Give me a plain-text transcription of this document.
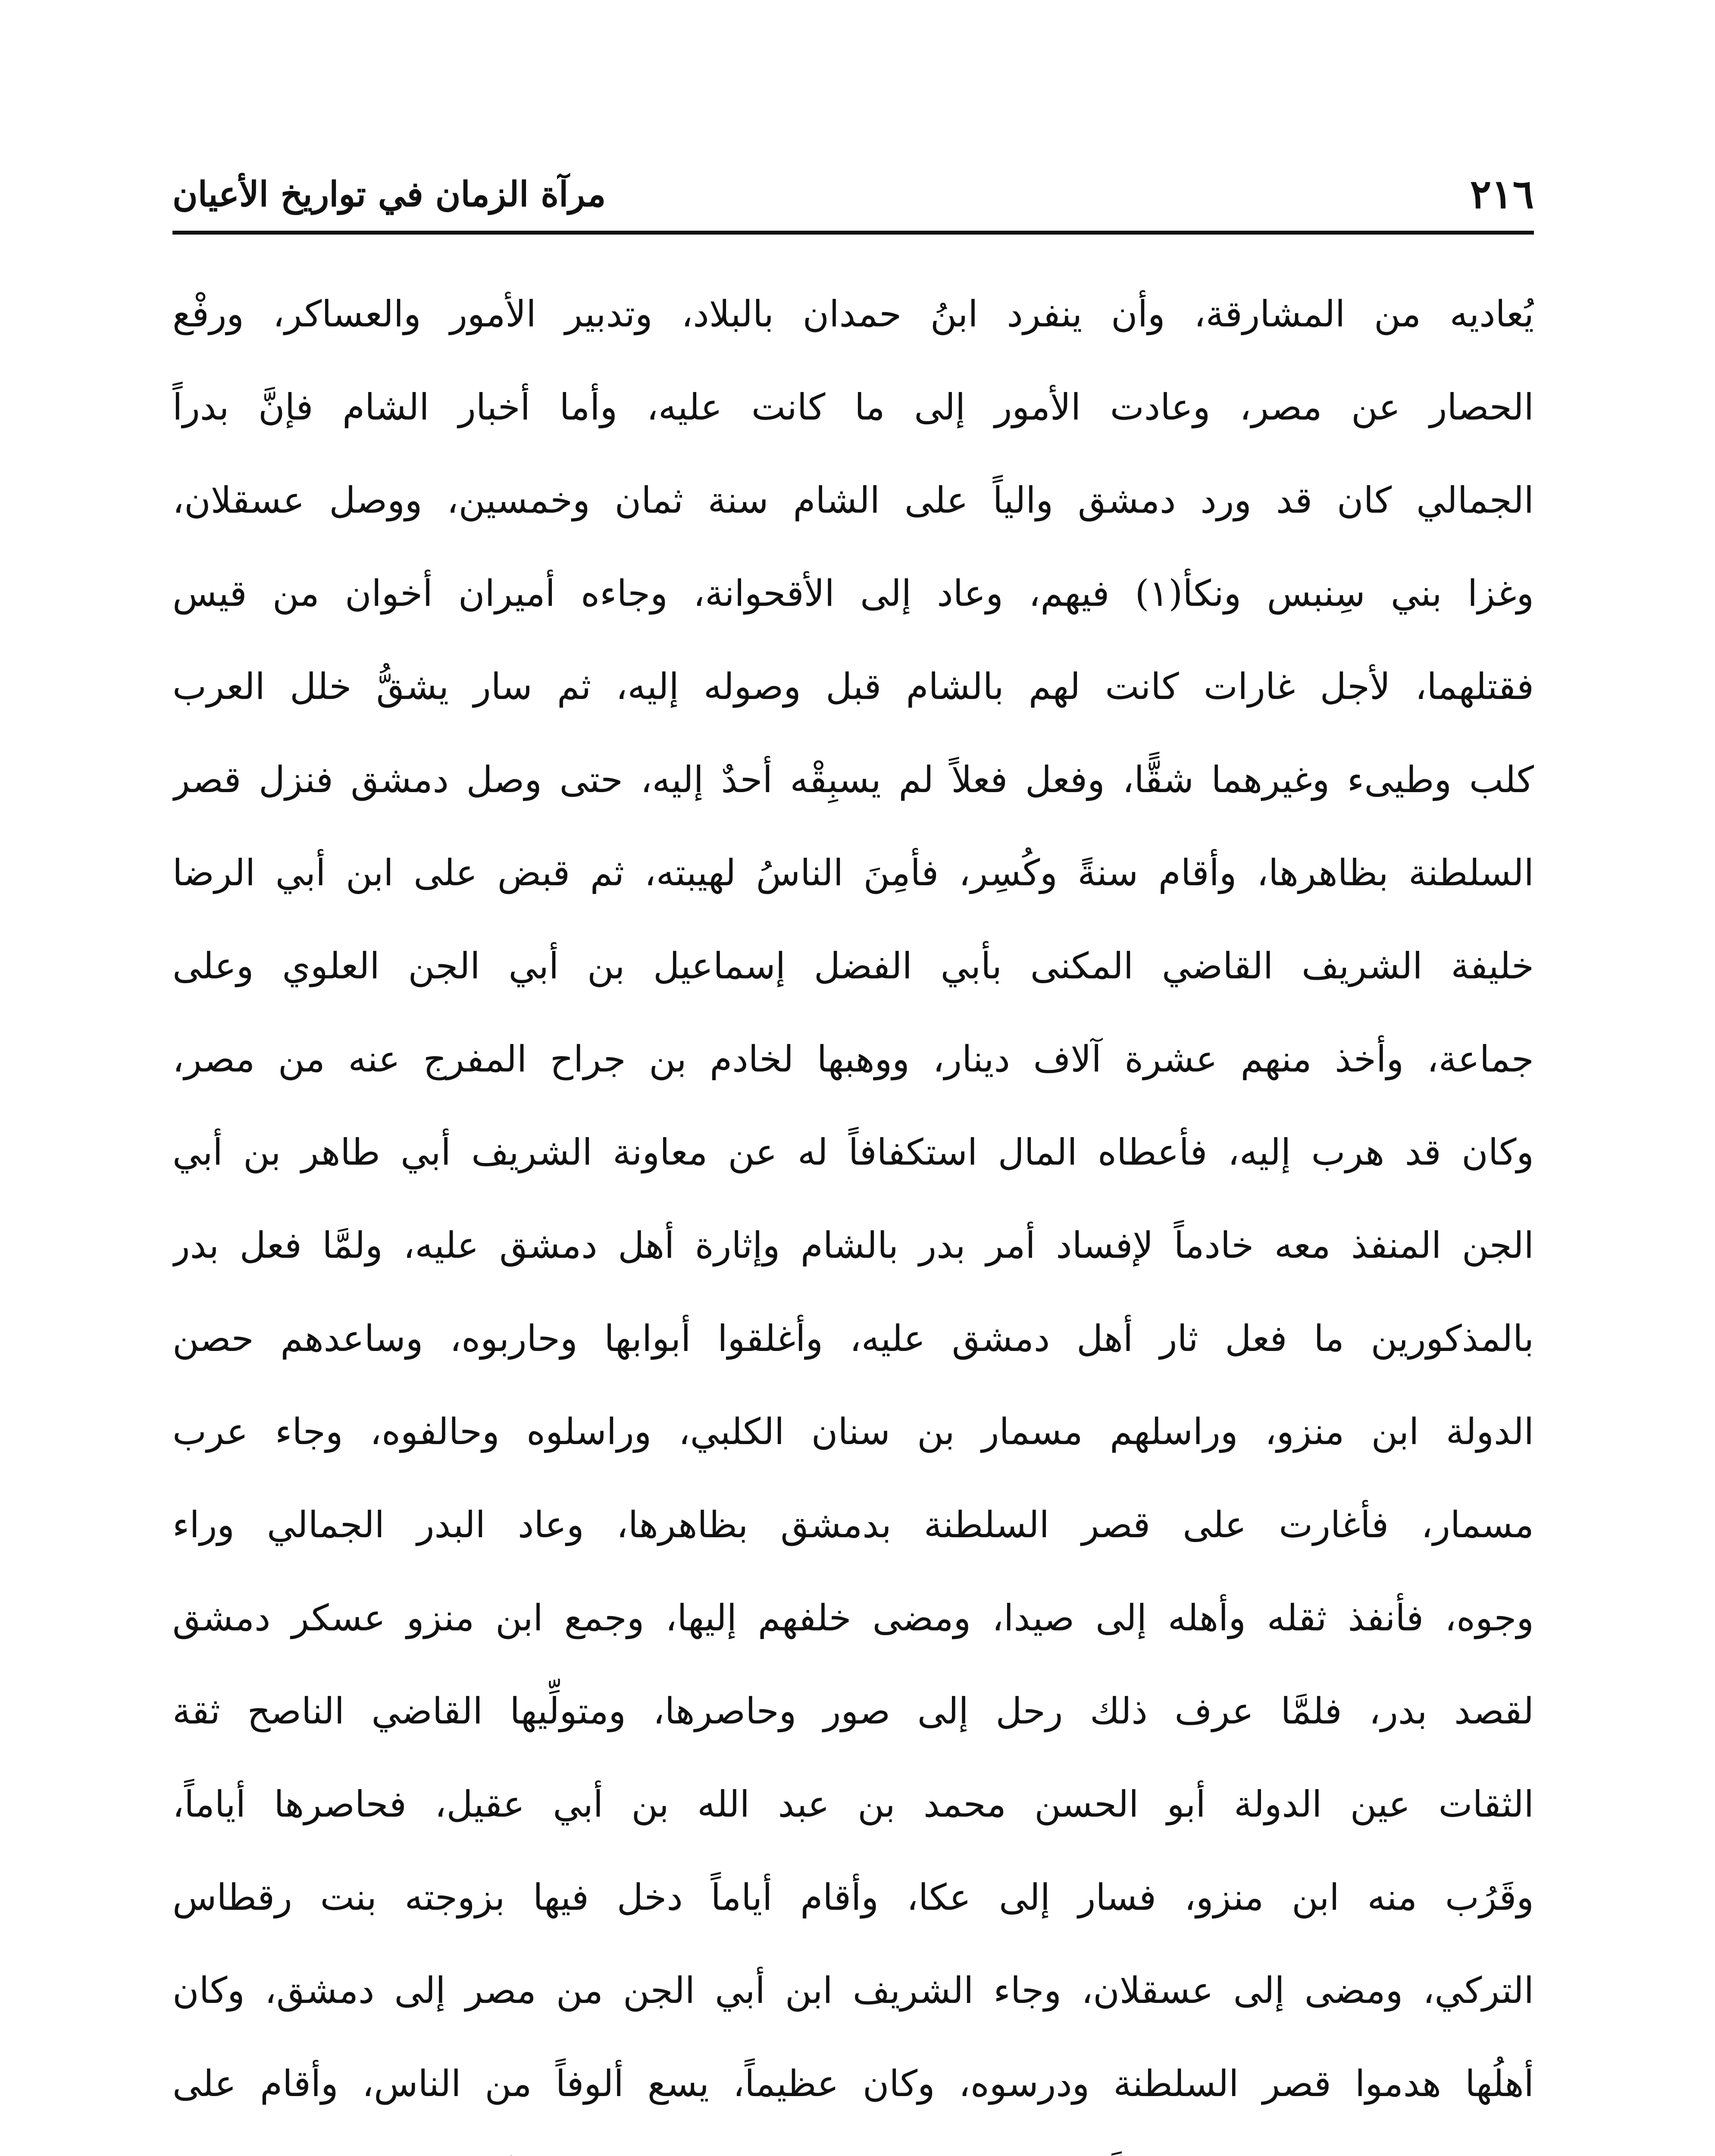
٢١٦
مرآة الزمان في تواريخ الأعيان
يُعاديه من المشارقة، وأن ينفرد ابنُ حمدان بالبلاد، وتدبير الأمور والعساكر، ورفْع
الحصار عن مصر، وعادت الأمور إلى ما كانت عليه، وأما أخبار الشام فإنَّ بدراً
الجمالي كان قد ورد دمشق والياً على الشام سنة ثمان وخمسين، ووصل عسقلان،
وغزا بني سِنبس ونكأ(١) فيهم، وعاد إلى الأقحوانة، وجاءه أميران أخوان من قيس
فقتلهما، لأجل غارات كانت لهم بالشام قبل وصوله إليه، ثم سار يشقُّ خلل العرب
كلب وطيىء وغيرهما شقًّا، وفعل فعلاً لم يسبِقْه أحدٌ إليه، حتى وصل دمشق فنزل قصر
السلطنة بظاهرها، وأقام سنةً وكُسِر، فأمِنَ الناسُ لهيبته، ثم قبض على ابن أبي الرضا
خليفة الشريف القاضي المكنى بأبي الفضل إسماعيل بن أبي الجن العلوي وعلى
جماعة، وأخذ منهم عشرة آلاف دينار، ووهبها لخادم بن جراح المفرج عنه من مصر،
وكان قد هرب إليه، فأعطاه المال استكفافاً له عن معاونة الشريف أبي طاهر بن أبي
الجن المنفذ معه خادماً لإفساد أمر بدر بالشام وإثارة أهل دمشق عليه، ولمَّا فعل بدر
بالمذكورين ما فعل ثار أهل دمشق عليه، وأغلقوا أبوابها وحاربوه، وساعدهم حصن
الدولة ابن منزو، وراسلهم مسمار بن سنان الكلبي، وراسلوه وحالفوه، وجاء عرب
مسمار، فأغارت على قصر السلطنة بدمشق بظاهرها، وعاد البدر الجمالي وراء
وجوه، فأنفذ ثقله وأهله إلى صيدا، ومضى خلفهم إليها، وجمع ابن منزو عسكر دمشق
لقصد بدر، فلمَّا عرف ذلك رحل إلى صور وحاصرها، ومتولِّيها القاضي الناصح ثقة
الثقات عين الدولة أبو الحسن محمد بن عبد الله بن أبي عقيل، فحاصرها أياماً،
وقَرُب منه ابن منزو، فسار إلى عكا، وأقام أياماً دخل فيها بزوجته بنت رقطاس
التركي، ومضى إلى عسقلان، وجاء الشريف ابن أبي الجن من مصر إلى دمشق، وكان
أهلُها هدموا قصر السلطنة ودرسوه، وكان عظيماً، يسع ألوفاً من الناس، وأقام على
